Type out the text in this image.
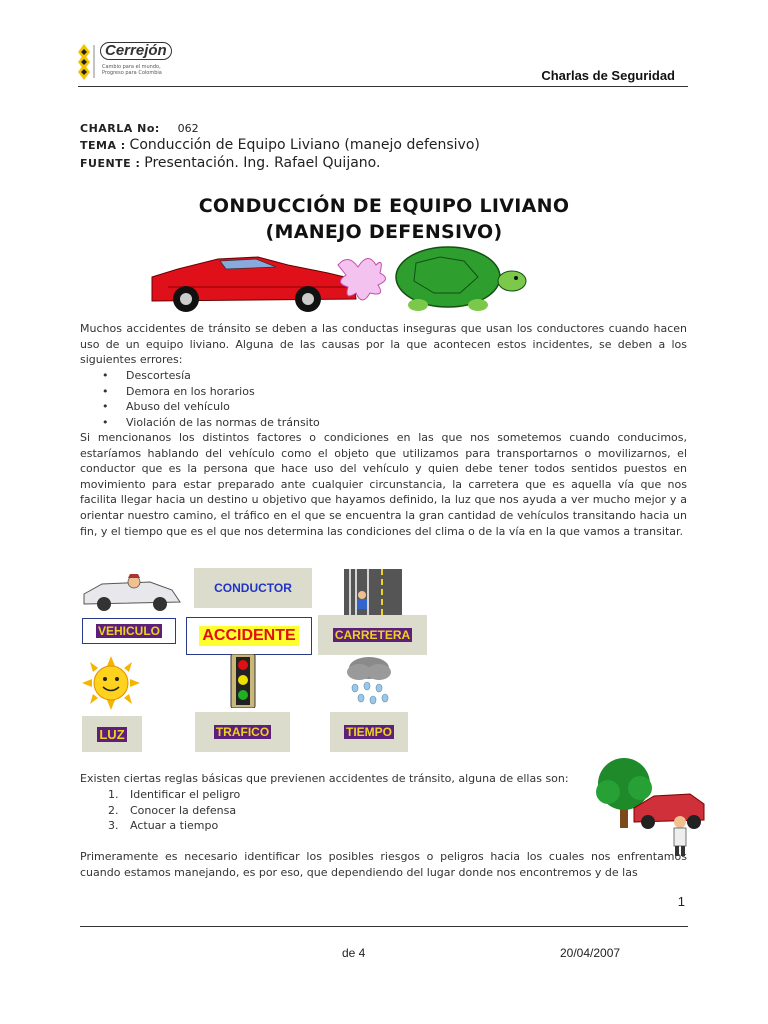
Cerrejón
Cambio para el mundo,
Progreso para Colombia	Charlas de Seguridad
CHARLA No: 062
TEMA : Conducción de Equipo Liviano (manejo defensivo)
FUENTE : Presentación. Ing. Rafael Quijano.
CONDUCCIÓN DE EQUIPO LIVIANO
(MANEJO DEFENSIVO)
Muchos accidentes de tránsito se deben a las conductas inseguras que usan los conductores cuando hacen uso de un equipo liviano. Alguna de las causas por la que acontecen estos incidentes, se deben a los siguientes errores:
• Descortesía
• Demora en los horarios
• Abuso del vehículo
• Violación de las normas de tránsito
Si mencionanos los distintos factores o condiciones en las que nos sometemos cuando conducimos, estaríamos hablando del vehículo como el objeto que utilizamos para transportarnos o movilizarnos, el conductor que es la persona que hace uso del vehículo y quien debe tener todos sentidos puestos en movimiento para estar preparado ante cualquier circunstancia, la carretera que es aquella vía que nos facilita llegar hacia un destino u objetivo que hayamos definido, la luz que nos ayuda a ver mucho mejor y a orientar nuestro camino, el tráfico en el que se encuentra la gran cantidad de vehículos transitando hacia un fin, y el tiempo que es el que nos determina las condiciones del clima o de la vía en la que vamos a transitar.
CONDUCTOR
VEHICULO	ACCIDENTE	CARRETERA
LUZ	TRAFICO	TIEMPO
Existen ciertas reglas básicas que previenen accidentes de tránsito, alguna de ellas son:
1. Identificar el peligro
2. Conocer la defensa
3. Actuar a tiempo
Primeramente es necesario identificar los posibles riesgos o peligros hacia los cuales nos enfrentamos cuando estamos manejando, es por eso, que dependiendo del lugar donde nos encontremos y de las
1
de 4	20/04/2007
